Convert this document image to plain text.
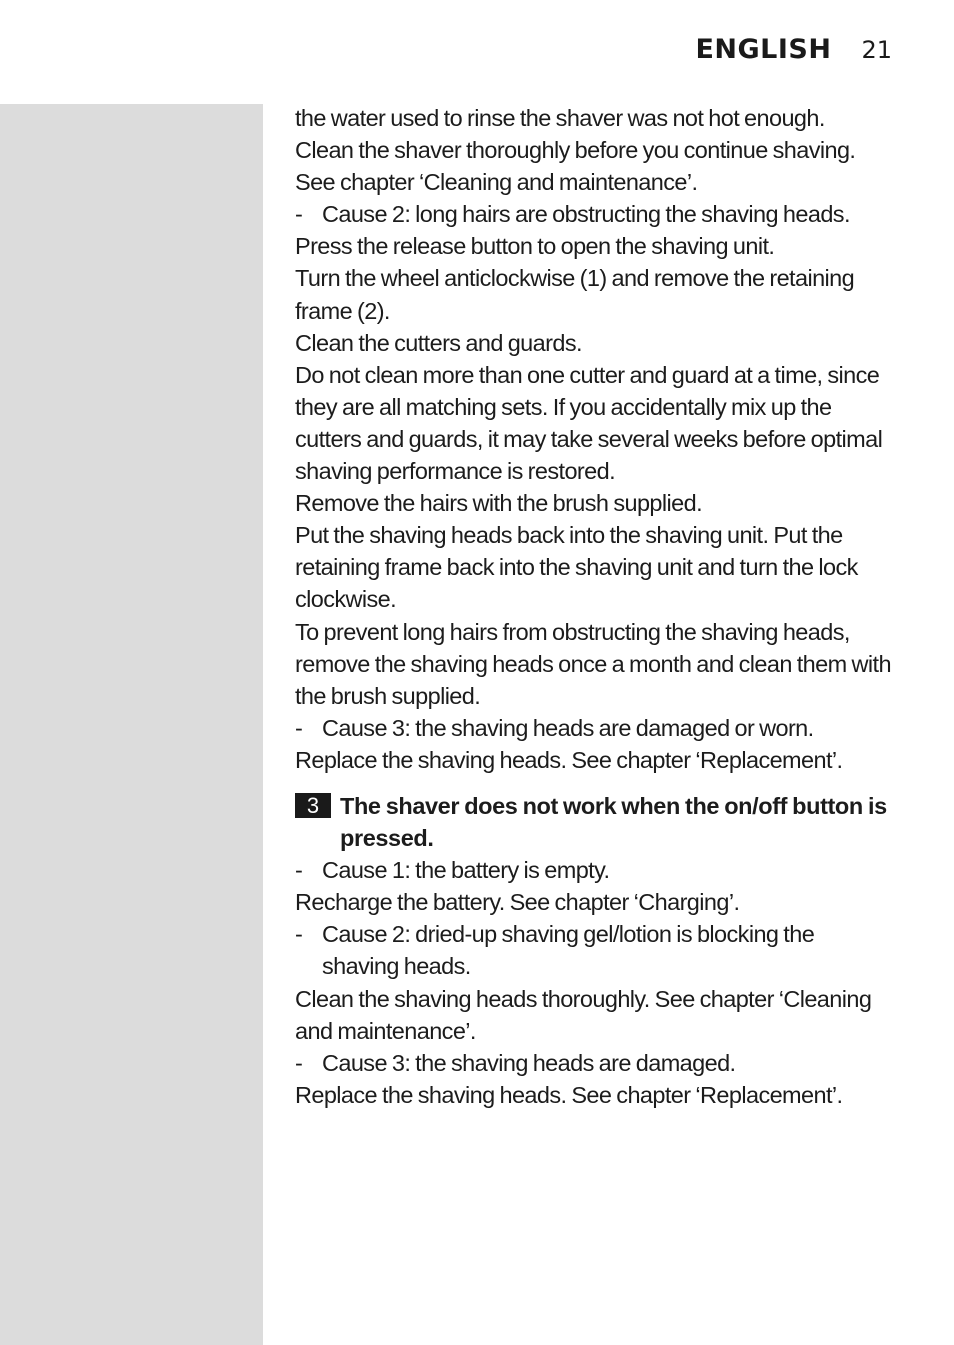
ENGLISH 21
the water used to rinse the shaver was not hot enough.
Clean the shaver thoroughly before you continue shaving. See chapter ‘Cleaning and maintenance’.
- Cause 2: long hairs are obstructing the shaving heads.
Press the release button to open the shaving unit.
Turn the wheel anticlockwise (1) and remove the retaining frame (2).
Clean the cutters and guards.
Do not clean more than one cutter and guard at a time, since they are all matching sets. If you accidentally mix up the cutters and guards, it may take several weeks before optimal shaving performance is restored.
Remove the hairs with the brush supplied.
Put the shaving heads back into the shaving unit. Put the retaining frame back into the shaving unit and turn the lock clockwise.
To prevent long hairs from obstructing the shaving heads, remove the shaving heads once a month and clean them with the brush supplied.
- Cause 3: the shaving heads are damaged or worn.
Replace the shaving heads. See chapter ‘Replacement’.
3 The shaver does not work when the on/off button is pressed.
- Cause 1: the battery is empty.
Recharge the battery. See chapter ‘Charging’.
- Cause 2: dried-up shaving gel/lotion is blocking the shaving heads.
Clean the shaving heads thoroughly. See chapter ‘Cleaning and maintenance’.
- Cause 3: the shaving heads are damaged.
Replace the shaving heads. See chapter ‘Replacement’.
